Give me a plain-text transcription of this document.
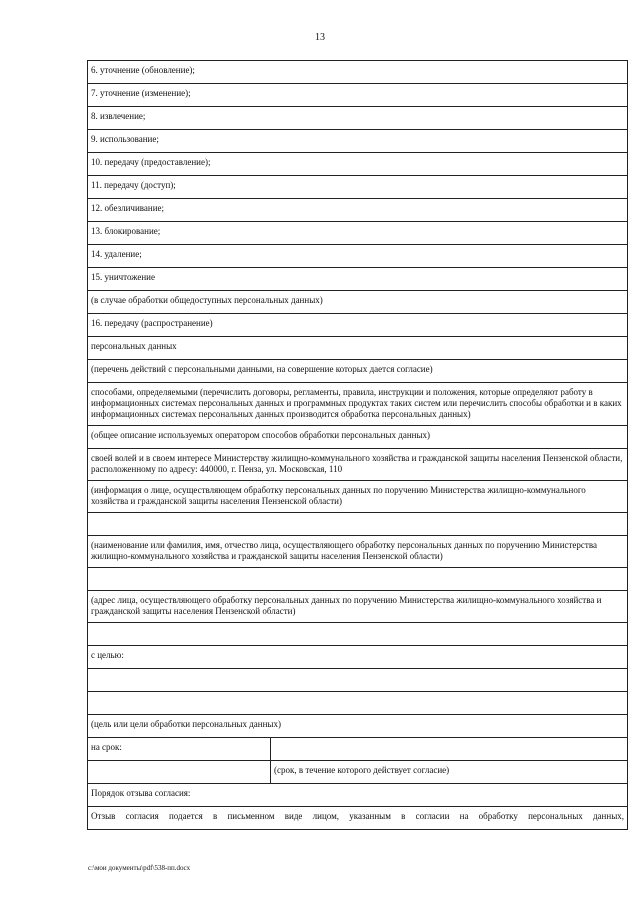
13
6. уточнение (обновление);	
7. уточнение (изменение);	
8. извлечение;	
9. использование;	
10. передачу (предоставление);	
11. передачу (доступ);	
12. обезличивание;	
13. блокирование;	
14. удаление;	
15. уничтожение	
(в случае обработки общедоступных персональных данных)	
16. передачу (распространение)	
персональных данных	
(перечень действий с персональными данными, на совершение которых дается согласие)	
способами, определяемыми (перечислить договоры, регламенты, правила, инструкции и положения, которые определяют работу в информационных системах персональных данных и программных продуктах таких систем или перечислить способы обработки и в каких информационных системах персональных данных производится обработка персональных данных)	
(общее описание используемых оператором способов обработки персональных данных)	
своей волей и в своем интересе Министерству жилищно-коммунального хозяйства и гражданской защиты населения Пензенской области, расположенному по адресу: 440000, г. Пенза, ул. Московская, 110	
(информация о лице, осуществляющем обработку персональных данных по поручению Министерства жилищно-коммунального хозяйства и гражданской защиты населения Пензенской области)	

(наименование или фамилия, имя, отчество лица, осуществляющего обработку персональных данных по поручению Министерства жилищно-коммунального хозяйства и гражданской защиты населения Пензенской области)	

(адрес лица, осуществляющего обработку персональных данных по поручению Министерства жилищно-коммунального хозяйства и гражданской защиты населения Пензенской области)	

с целью:	

(цель или цели обработки персональных данных)	
на срок:	
	(срок, в течение которого действует согласие)
Порядок отзыва согласия:	
Отзыв согласия подается в письменном виде лицом, указанным в согласии на обработку персональных данных,	
c:\мои документы\pdf\538-пп.docx
